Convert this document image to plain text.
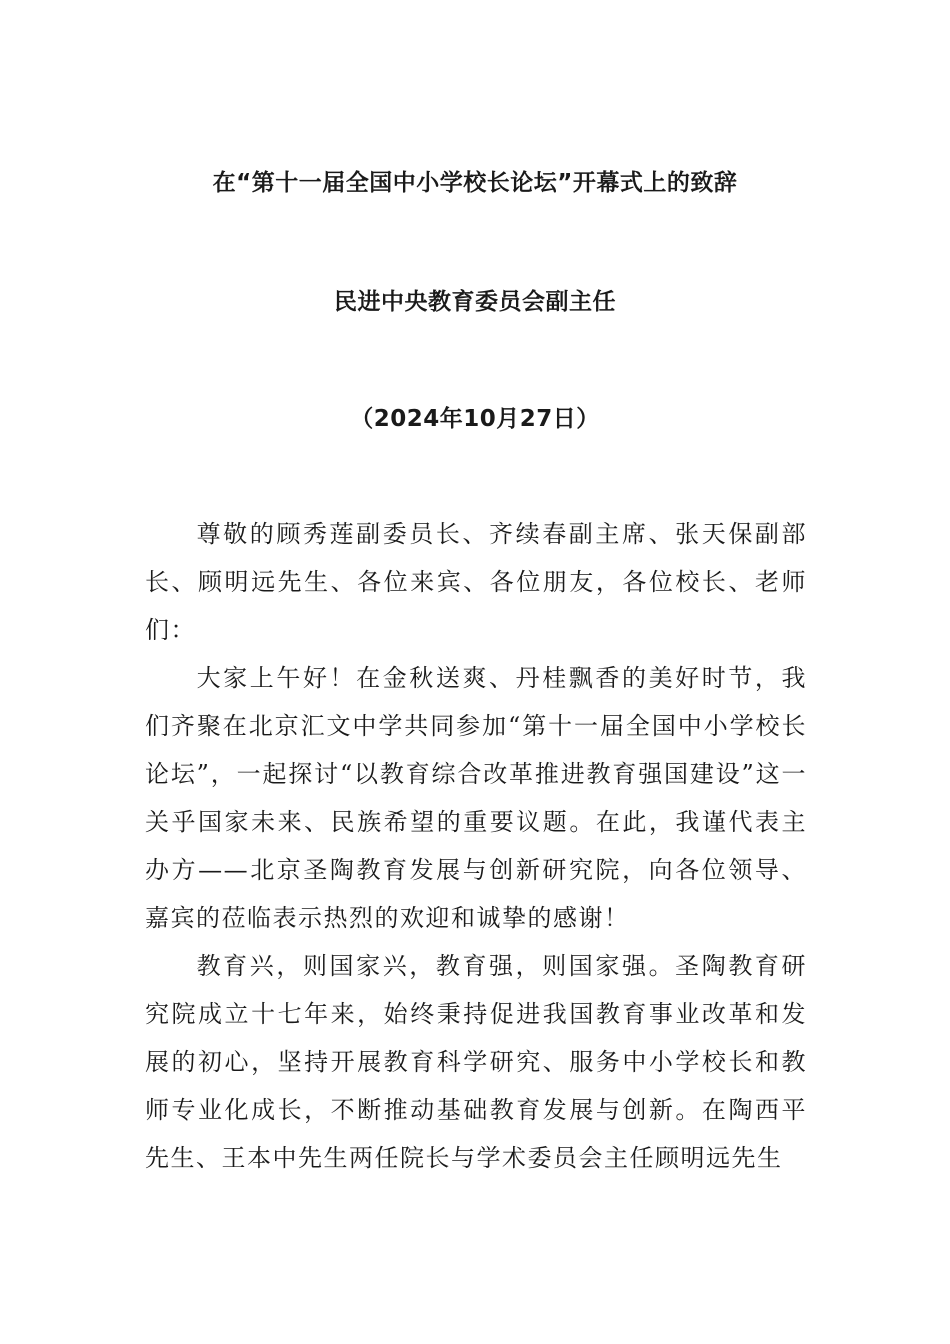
在“第十一届全国中小学校长论坛”开幕式上的致辞
民进中央教育委员会副主任
（2024年10月27日）

尊敬的顾秀莲副委员长、齐续春副主席、张天保副部长、顾明远先生、各位来宾、各位朋友，各位校长、老师们：

大家上午好！在金秋送爽、丹桂飘香的美好时节，我们齐聚在北京汇文中学共同参加“第十一届全国中小学校长论坛”，一起探讨“以教育综合改革推进教育强国建设”这一关乎国家未来、民族希望的重要议题。在此，我谨代表主办方——北京圣陶教育发展与创新研究院，向各位领导、嘉宾的莅临表示热烈的欢迎和诚挚的感谢！

教育兴，则国家兴，教育强，则国家强。圣陶教育研究院成立十七年来，始终秉持促进我国教育事业改革和发展的初心，坚持开展教育科学研究、服务中小学校长和教师专业化成长，不断推动基础教育发展与创新。在陶西平先生、王本中先生两任院长与学术委员会主任顾明远先生
